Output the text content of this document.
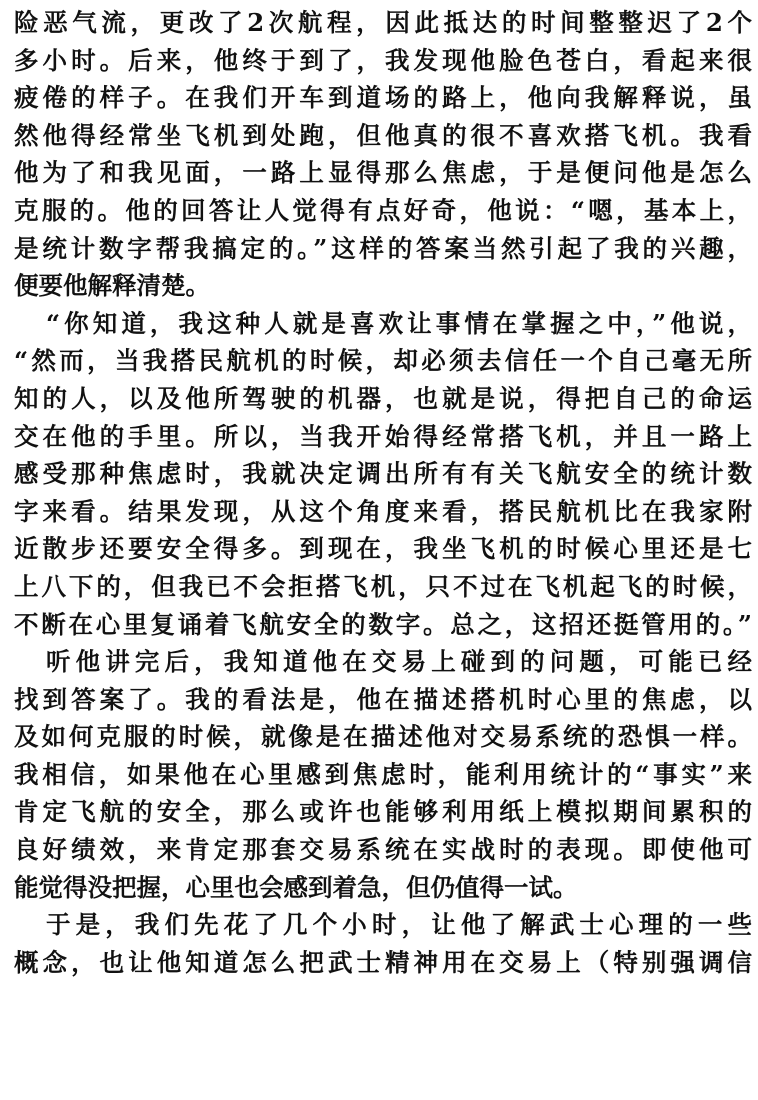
险恶气流，更改了2次航程，因此抵达的时间整整迟了2个
多小时。后来，他终于到了，我发现他脸色苍白，看起来很
疲倦的样子。在我们开车到道场的路上，他向我解释说，虽
然他得经常坐飞机到处跑，但他真的很不喜欢搭飞机。我看
他为了和我见面，一路上显得那么焦虑，于是便问他是怎么
克服的。他的回答让人觉得有点好奇，他说：“嗯，基本上，
是统计数字帮我搞定的。”这样的答案当然引起了我的兴趣，
便要他解释清楚。
“你知道，我这种人就是喜欢让事情在掌握之中，”他说，
“然而，当我搭民航机的时候，却必须去信任一个自己毫无所
知的人，以及他所驾驶的机器，也就是说，得把自己的命运
交在他的手里。所以，当我开始得经常搭飞机，并且一路上
感受那种焦虑时，我就决定调出所有有关飞航安全的统计数
字来看。结果发现，从这个角度来看，搭民航机比在我家附
近散步还要安全得多。到现在，我坐飞机的时候心里还是七
上八下的，但我已不会拒搭飞机，只不过在飞机起飞的时候，
不断在心里复诵着飞航安全的数字。总之，这招还挺管用的。”
听他讲完后，我知道他在交易上碰到的问题，可能已经
找到答案了。我的看法是，他在描述搭机时心里的焦虑，以
及如何克服的时候，就像是在描述他对交易系统的恐惧一样。
我相信，如果他在心里感到焦虑时，能利用统计的“事实”来
肯定飞航的安全，那么或许也能够利用纸上模拟期间累积的
良好绩效，来肯定那套交易系统在实战时的表现。即使他可
能觉得没把握，心里也会感到着急，但仍值得一试。
于是，我们先花了几个小时，让他了解武士心理的一些
概念，也让他知道怎么把武士精神用在交易上（特别强调信
